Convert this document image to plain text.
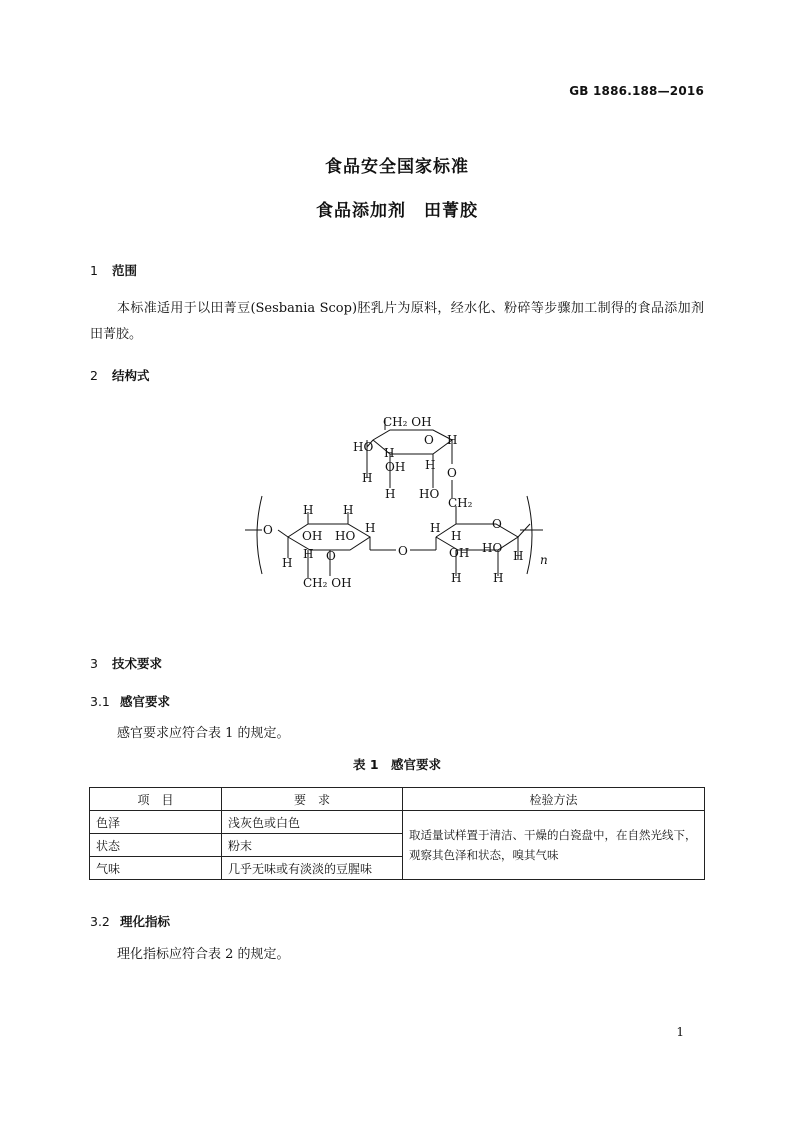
GB 1886.188—2016
食品安全国家标准
食品添加剂　田菁胶
1 范围
本标准适用于以田菁豆(Sesbania Scop)胚乳片为原料，经水化、粉碎等步骤加工制得的食品添加剂田菁胶。
2 结构式
CH₂ OH
HO H
OH
H
H
H
HO
O H
O
CH₂
O
H H
OH HO
H
H O
H
CH₂ OH
O
H
H
OH HO
O
H
H	H
n
3 技术要求
3.1 感官要求
感官要求应符合表 1 的规定。
表 1　感官要求
项　目	要　求	检验方法
色泽	浅灰色或白色	取适量试样置于清洁、干燥的白瓷盘中，在自然光线下，观察其色泽和状态，嗅其气味
状态	粉末	
气味	几乎无味或有淡淡的豆腥味	
3.2 理化指标
理化指标应符合表 2 的规定。
1
